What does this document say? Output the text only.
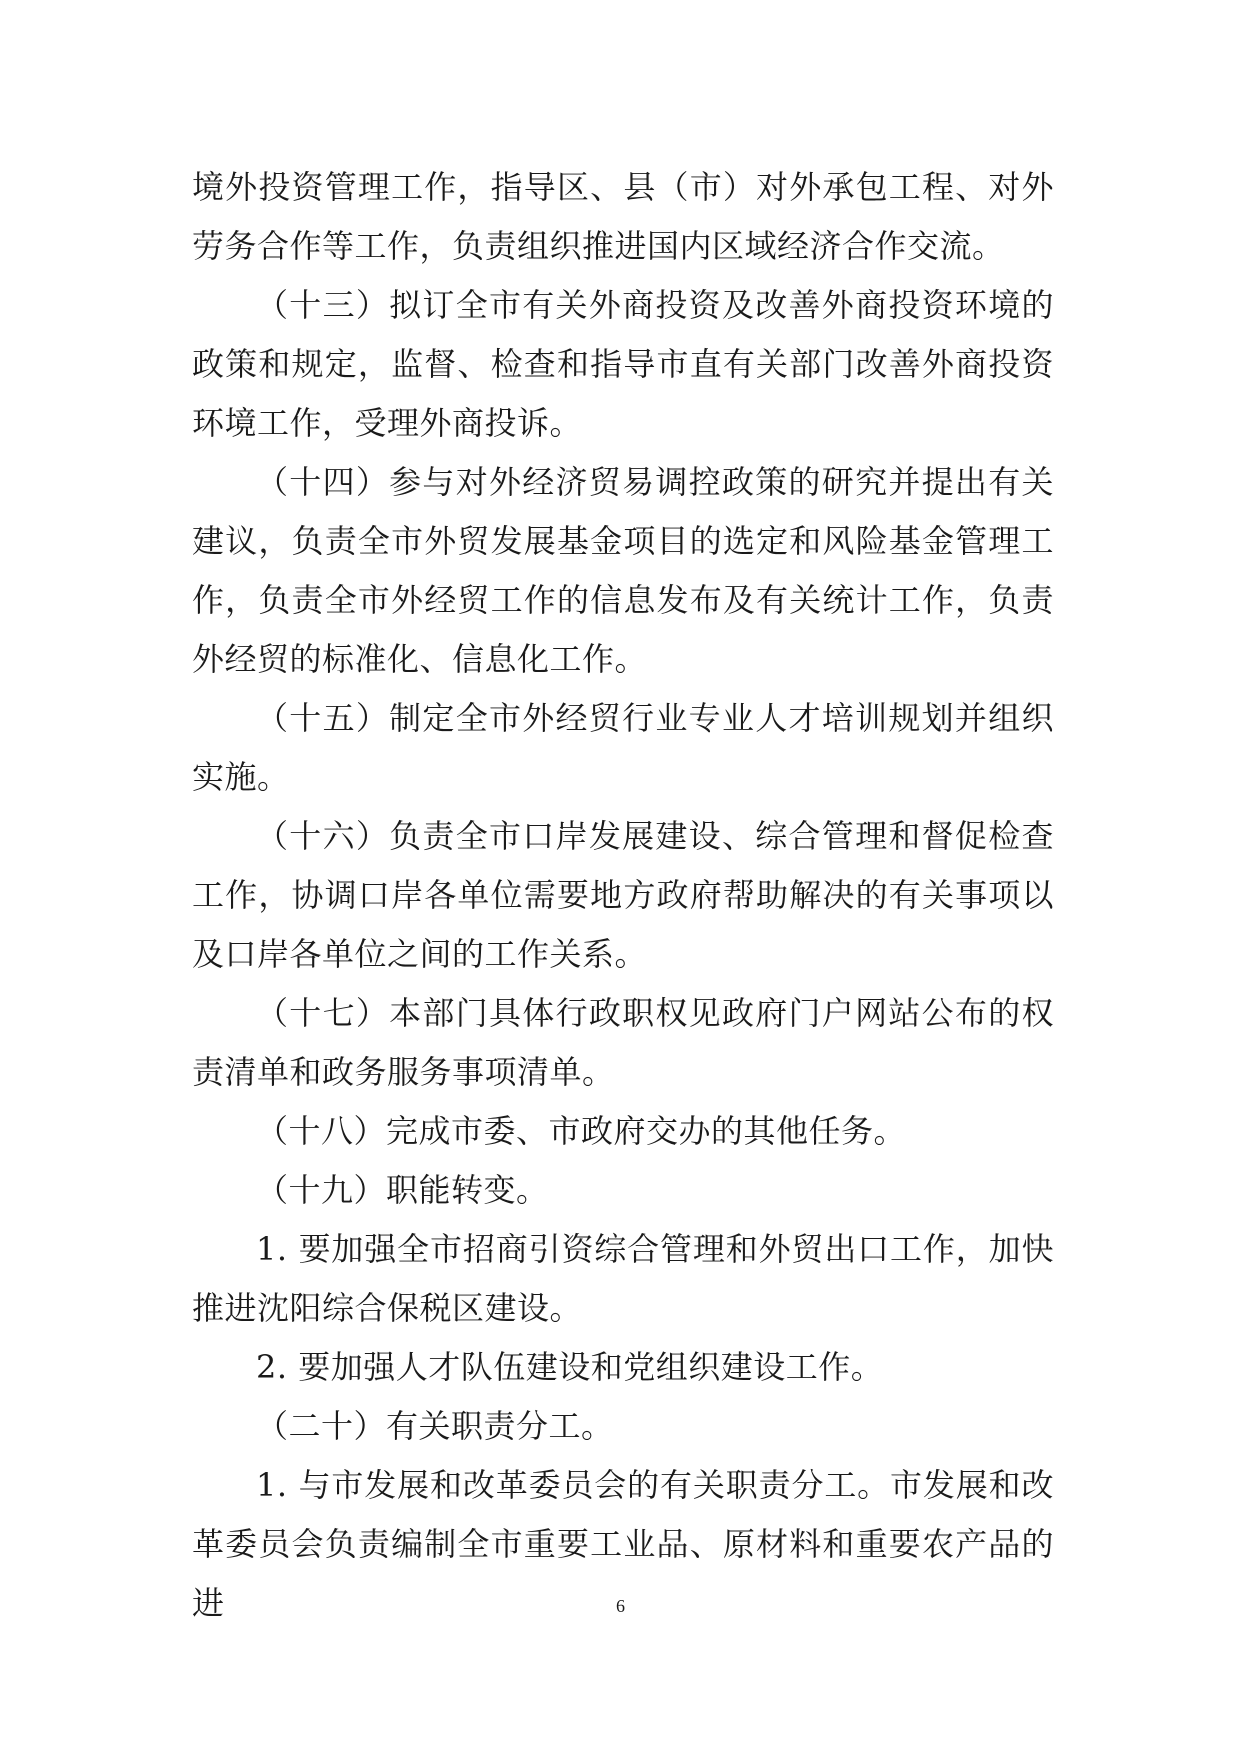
境外投资管理工作，指导区、县（市）对外承包工程、对外劳务合作等工作，负责组织推进国内区域经济合作交流。

（十三）拟订全市有关外商投资及改善外商投资环境的政策和规定，监督、检查和指导市直有关部门改善外商投资环境工作，受理外商投诉。

（十四）参与对外经济贸易调控政策的研究并提出有关建议，负责全市外贸发展基金项目的选定和风险基金管理工作，负责全市外经贸工作的信息发布及有关统计工作，负责外经贸的标准化、信息化工作。

（十五）制定全市外经贸行业专业人才培训规划并组织实施。

（十六）负责全市口岸发展建设、综合管理和督促检查工作，协调口岸各单位需要地方政府帮助解决的有关事项以及口岸各单位之间的工作关系。

（十七）本部门具体行政职权见政府门户网站公布的权责清单和政务服务事项清单。

（十八）完成市委、市政府交办的其他任务。

（十九）职能转变。

1. 要加强全市招商引资综合管理和外贸出口工作，加快推进沈阳综合保税区建设。

2. 要加强人才队伍建设和党组织建设工作。

（二十）有关职责分工。

1. 与市发展和改革委员会的有关职责分工。市发展和改革委员会负责编制全市重要工业品、原材料和重要农产品的进	6
